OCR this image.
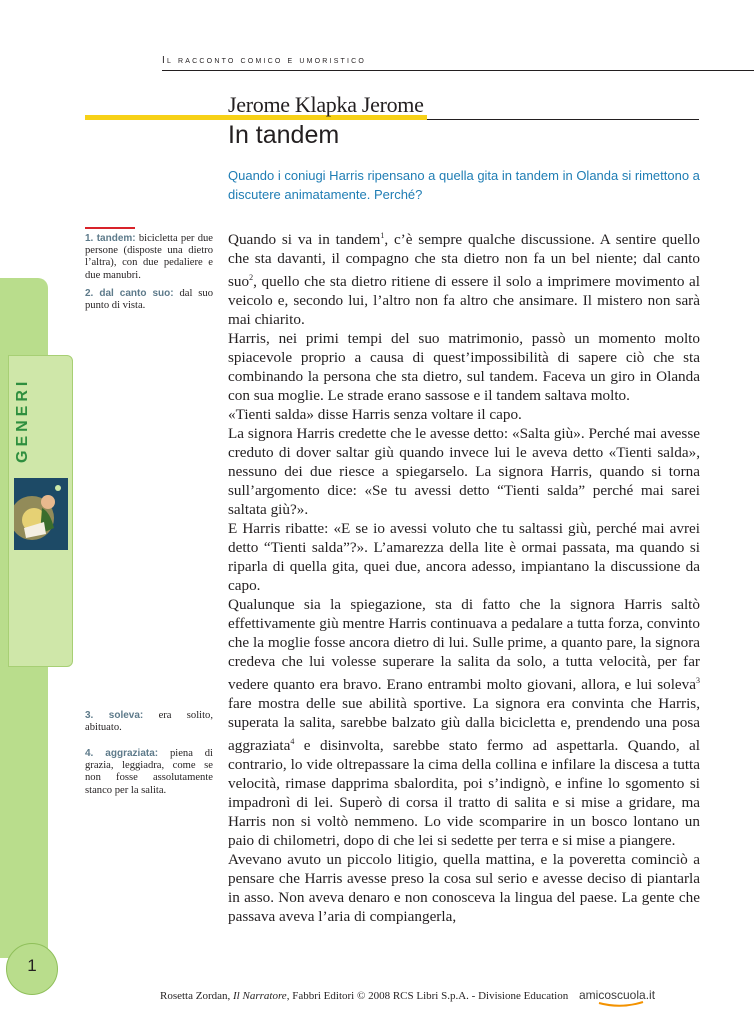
Il racconto comico e umoristico
Jerome Klapka Jerome
In tandem
Quando i coniugi Harris ripensano a quella gita in tandem in Olanda si rimettono a discutere animatamente. Perché?
GENERI
1. tandem: bicicletta per due persone (disposte una dietro l’altra), con due pedaliere e due manubri.
2. dal canto suo: dal suo punto di vista.
3. soleva: era solito, abituato.
4. aggraziata: piena di grazia, leggiadra, come se non fosse assolutamente stanco per la salita.

Quando si va in tandem$^1$, c’è sempre qualche discussione. A sentire quello che sta davanti, il compagno che sta dietro non fa un bel niente; dal canto suo$^2$, quello che sta dietro ritiene di essere il solo a imprimere movimento al veicolo e, secondo lui, l’altro non fa altro che ansimare. Il mistero non sarà mai chiarito.

Harris, nei primi tempi del suo matrimonio, passò un momento molto spiacevole proprio a causa di quest’impossibilità di sapere ciò che sta combinando la persona che sta dietro, sul tandem. Faceva un giro in Olanda con sua moglie. Le strade erano sassose e il tandem saltava molto.

«Tienti salda» disse Harris senza voltare il capo.

La signora Harris credette che le avesse detto: «Salta giù». Perché mai avesse creduto di dover saltar giù quando invece lui le aveva detto «Tienti salda», nessuno dei due riesce a spiegarselo. La signora Harris, quando si torna sull’argomento dice: «Se tu avessi detto “Tienti salda” perché mai sarei saltata giù?».

E Harris ribatte: «E se io avessi voluto che tu saltassi giù, perché mai avrei detto “Tienti salda”?». L’amarezza della lite è ormai passata, ma quando si riparla di quella gita, quei due, ancora adesso, impiantano la discussione da capo.

Qualunque sia la spiegazione, sta di fatto che la signora Harris saltò effettivamente giù mentre Harris continuava a pedalare a tutta forza, convinto che la moglie fosse ancora dietro di lui. Sulle prime, a quanto pare, la signora credeva che lui volesse superare la salita da solo, a tutta velocità, per far vedere quanto era bravo. Erano entrambi molto giovani, allora, e lui soleva$^3$ fare mostra delle sue abilità sportive. La signora era convinta che Harris, superata la salita, sarebbe balzato giù dalla bicicletta e, prendendo una posa aggraziata$^4$ e disinvolta, sarebbe stato fermo ad aspettarla. Quando, al contrario, lo vide oltrepassare la cima della collina e infilare la discesa a tutta velocità, rimase dapprima sbalordita, poi s’indignò, e infine lo sgomento si impadronì di lei. Superò di corsa il tratto di salita e si mise a gridare, ma Harris non si voltò nemmeno. Lo vide scomparire in un bosco lontano un paio di chilometri, dopo di che lei si sedette per terra e si mise a piangere.

Avevano avuto un piccolo litigio, quella mattina, e la poveretta cominciò a pensare che Harris avesse preso la cosa sul serio e avesse deciso di piantarla in asso. Non aveva denaro e non conosceva la lingua del paese. La gente che passava aveva l’aria di compiangerla,

1
Rosetta Zordan, Il Narratore, Fabbri Editori © 2008 RCS Libri S.p.A. - Divisione Education amicoscuola.it
